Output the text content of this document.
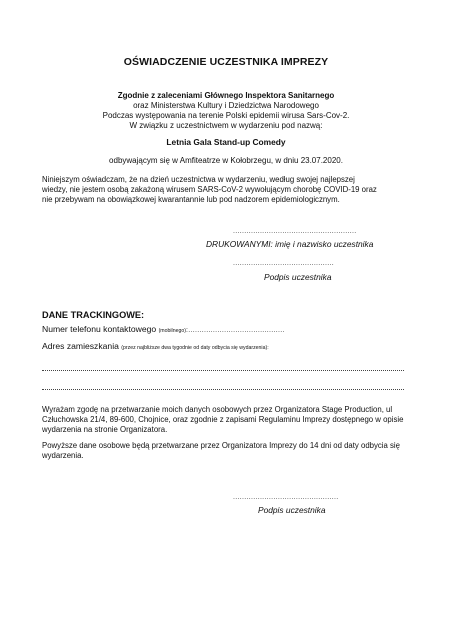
OŚWIADCZENIE UCZESTNIKA IMPREZY
Zgodnie z zaleceniami Głównego Inspektora Sanitarnego
oraz Ministerstwa Kultury i Dziedzictwa Narodowego
Podczas występowania na terenie Polski epidemii wirusa Sars-Cov-2.
W związku z uczestnictwem w wydarzeniu pod nazwą:
Letnia Gala Stand-up Comedy
odbywającym się w Amfiteatrze w Kołobrzegu, w dniu 23.07.2020.
Niniejszym oświadczam, że na dzień uczestnictwa w wydarzeniu, według swojej najlepszej
wiedzy, nie jestem osobą zakażoną wirusem SARS-CoV-2 wywołującym chorobę COVID-19 oraz
nie przebywam na obowiązkowej kwarantannie lub pod nadzorem epidemiologicznym.
.......................................................
DRUKOWANYMI: imię i nazwisko uczestnika
.............................................
Podpis uczestnika
DANE TRACKINGOWE:
Numer telefonu kontaktowego (mobilnego):...........................................
Adres zamieszkania (przez najbliższe dwa tygodnie od daty odbycia się wydarzenia):
Wyrażam zgodę na przetwarzanie moich danych osobowych przez Organizatora Stage Production, ul
Człuchowska 21/4, 89-600, Chojnice, oraz zgodnie z zapisami Regulaminu Imprezy dostępnego w opisie
wydarzenia na stronie Organizatora.
Powyższe dane osobowe będą przetwarzane przez Organizatora Imprezy do 14 dni od daty odbycia się
wydarzenia.
...............................................
Podpis uczestnika
